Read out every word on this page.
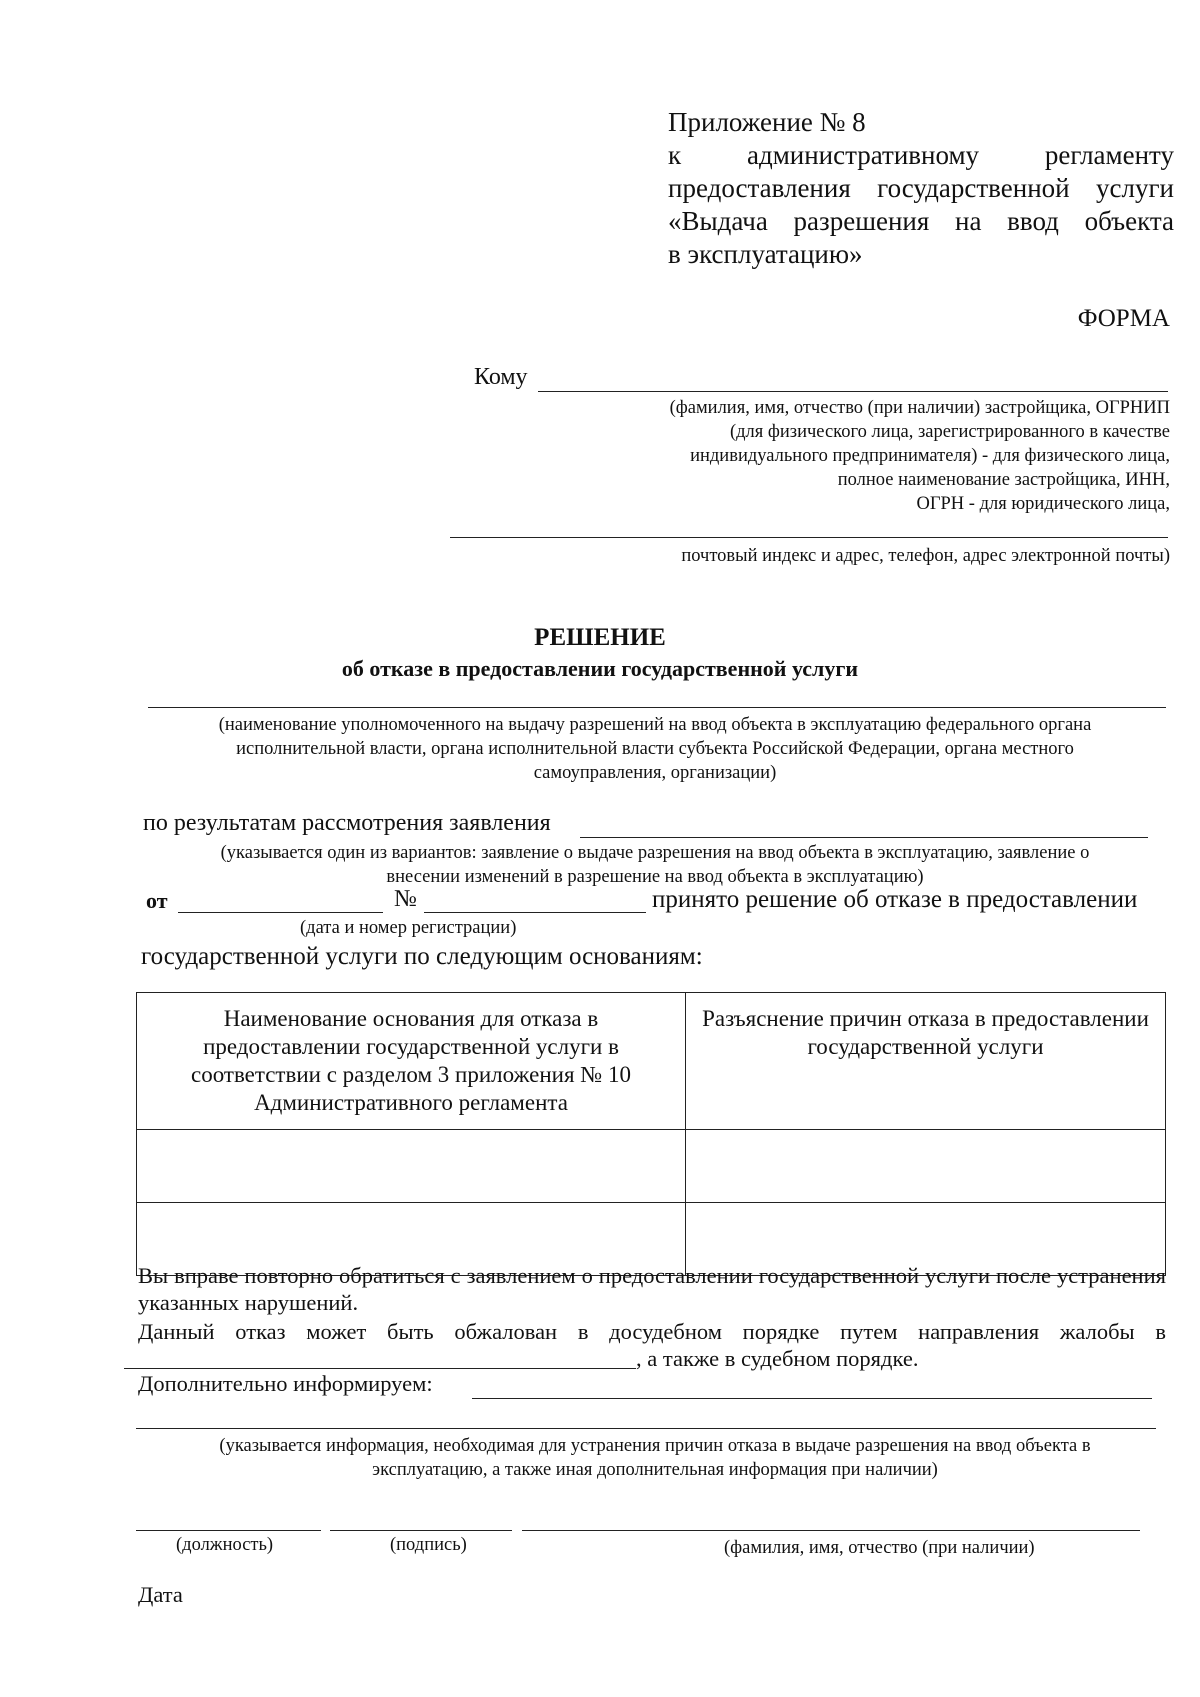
Приложение № 8
к административному регламенту
предоставления государственной услуги
«Выдача разрешения на ввод объекта
в эксплуатацию»
ФОРМА
Кому
(фамилия, имя, отчество (при наличии) застройщика, ОГРНИП
(для физического лица, зарегистрированного в качестве
индивидуального предпринимателя) - для физического лица,
полное наименование застройщика, ИНН,
ОГРН - для юридического лица,
почтовый индекс и адрес, телефон, адрес электронной почты)
РЕШЕНИЕ
об отказе в предоставлении государственной услуги
(наименование уполномоченного на выдачу разрешений на ввод объекта в эксплуатацию федерального органа
исполнительной власти, органа исполнительной власти субъекта Российской Федерации, органа местного
самоуправления, организации)
по результатам рассмотрения заявления
(указывается один из вариантов: заявление о выдаче разрешения на ввод объекта в эксплуатацию, заявление о
внесении изменений в разрешение на ввод объекта в эксплуатацию)
от	№	принято решение об отказе в предоставлении
(дата и номер регистрации)
государственной услуги по следующим основаниям:
Наименование основания для отказа в предоставлении государственной услуги в соответствии с разделом 3 приложения № 10 Административного регламента	Разъяснение причин отказа в предоставлении государственной услуги

Вы вправе повторно обратиться с заявлением о предоставлении государственной услуги после устранения указанных нарушений.
Данный отказ может быть обжалован в досудебном порядке путем направления жалобы в
, а также в судебном порядке.
Дополнительно информируем:
(указывается информация, необходимая для устранения причин отказа в выдаче разрешения на ввод объекта в
эксплуатацию, а также иная дополнительная информация при наличии)
(должность)	(подпись)	(фамилия, имя, отчество (при наличии)
Дата
